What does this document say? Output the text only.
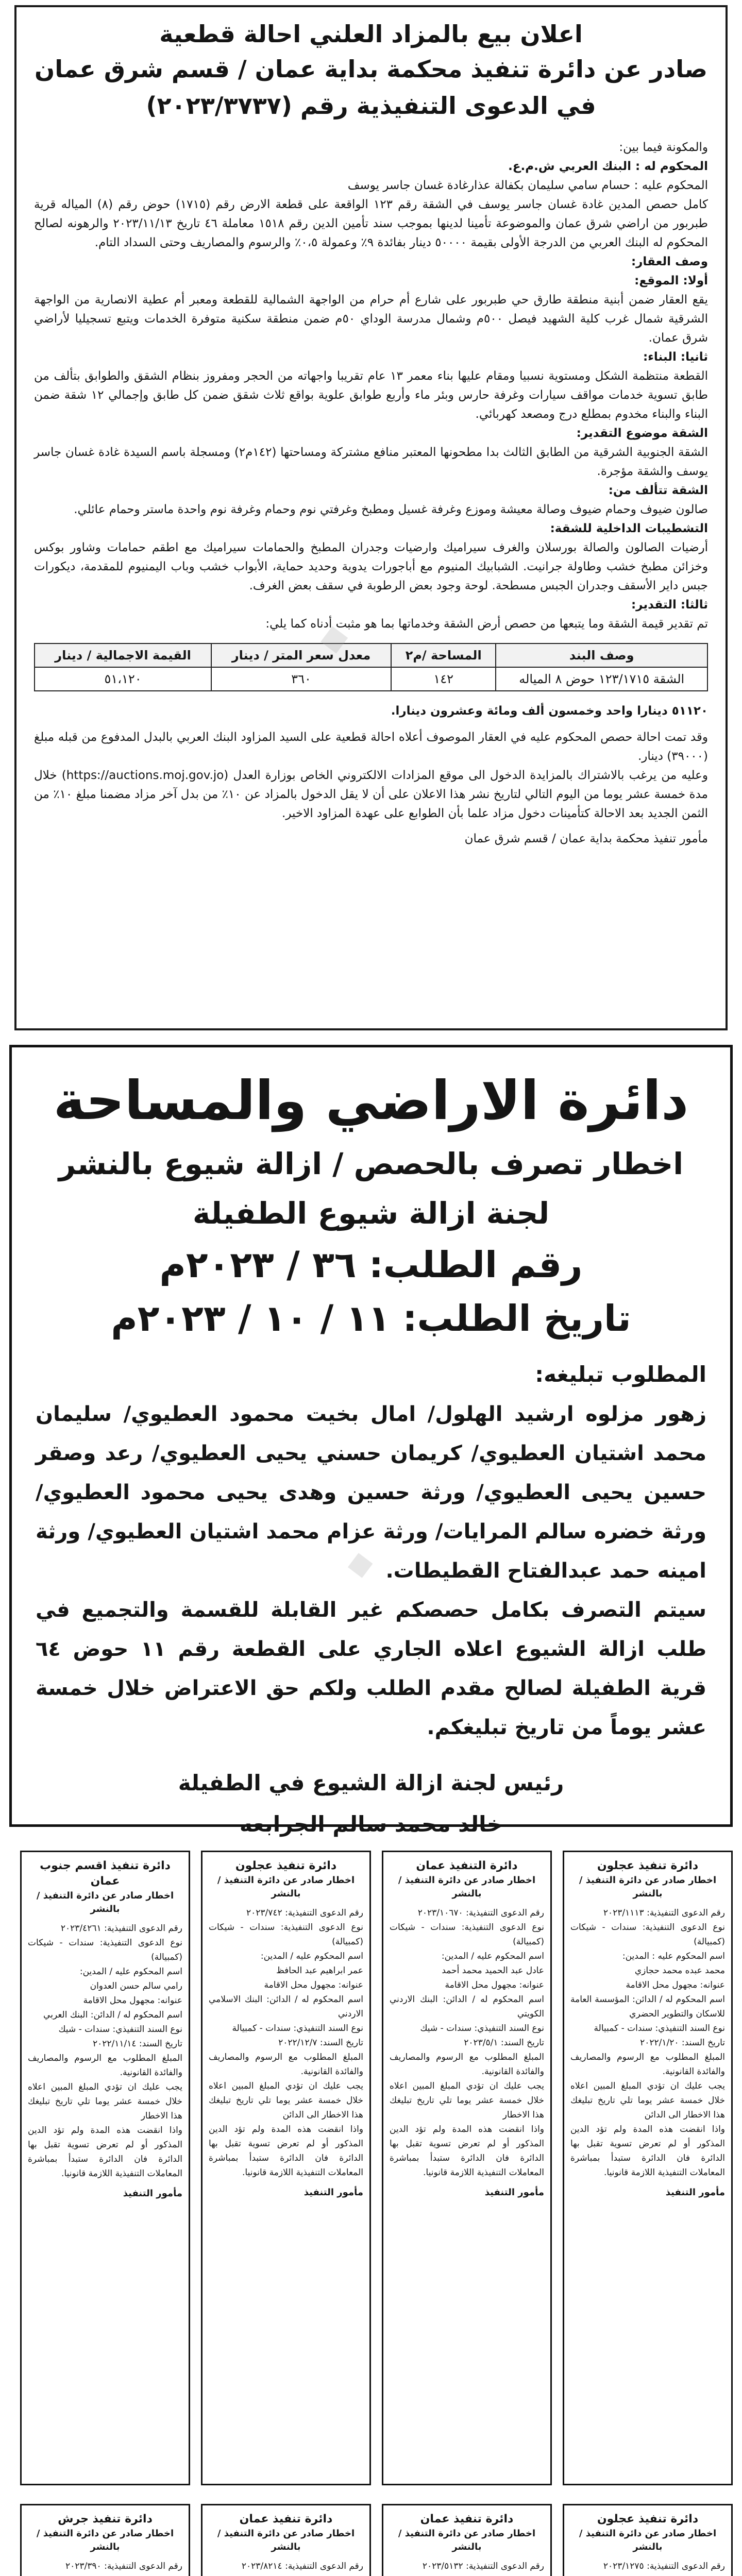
اعلان بيع بالمزاد العلني احالة قطعية
صادر عن دائرة تنفيذ محكمة بداية عمان / قسم شرق عمان
في الدعوى التنفيذية رقم (٢٠٢٣/٣٧٣٧)

والمكونة فيما بين:

المحكوم له : البنك العربي ش.م.ع.

المحكوم عليه : حسام سامي سليمان بكفالة عذارغادة غسان جاسر يوسف

كامل حصص المدين غادة غسان جاسر يوسف في الشقة رقم ١٢٣ الواقعة على قطعة الارض رقم (١٧١٥) حوض رقم (٨) المياله قرية طبربور من اراضي شرق عمان والموضوعة تأمينا لدينها بموجب سند تأمين الدين رقم ١٥١٨ معاملة ٤٦ تاريخ ٢٠٢٣/١١/١٣ والرهونه لصالح المحكوم له البنك العربي من الدرجة الأولى بقيمة ٥٠٠٠٠ دينار بفائدة ٩٪ وعمولة ٠،٥٪ والرسوم والمصاريف وحتى السداد التام.

وصف العقار:

أولا: الموقع:

يقع العقار ضمن أبنية منطقة طارق حي طبربور على شارع أم حرام من الواجهة الشمالية للقطعة ومعبر أم عطية الانصارية من الواجهة الشرقية شمال غرب كلية الشهيد فيصل ٥٠٠م وشمال مدرسة الوداي ٥٠م ضمن منطقة سكنية متوفرة الخدمات ويتبع تسجيليا لأراضي شرق عمان.

ثانيا: البناء:

القطعة منتظمة الشكل ومستوية نسبيا ومقام عليها بناء معمر ١٣ عام تقريبا واجهاته من الحجر ومفروز بنظام الشقق والطوابق بتألف من طابق تسوية خدمات مواقف سيارات وغرفة حارس وبئر ماء وأربع طوابق علوية بواقع ثلاث شقق ضمن كل طابق وإجمالي ١٢ شقة ضمن البناء والبناء مخدوم بمطلع درج ومصعد كهربائي.

الشقة موضوع التقدير:

الشقة الجنوبية الشرقية من الطابق الثالث بدا مطحونها المعتبر منافع مشتركة ومساحتها (١٤٢م٢) ومسجلة باسم السيدة غادة غسان جاسر يوسف والشقة مؤجرة.

الشقة تتألف من:

صالون ضيوف وحمام ضيوف وصالة معيشة وموزع وغرفة غسيل ومطبخ وغرفتي نوم وحمام وغرفة نوم واحدة ماستر وحمام عائلي.

التشطيبات الداخلية للشقة:

أرضيات الصالون والصالة بورسلان والغرف سيراميك وارضيات وجدران المطبخ والحمامات سيراميك مع اطقم حمامات وشاور بوكس وخزائن مطبخ خشب وطاولة جرانيت. الشبابيك المنيوم مع أباجورات يدوية وحديد حماية، الأبواب خشب وباب اليمنيوم للمقدمة، ديكورات جبس داير الأسقف وجدران الجبس مسطحة. لوحة وجود بعض الرطوبة في سقف بعض الغرف.

ثالثا: التقدير:

تم تقدير قيمة الشقة وما يتبعها من حصص أرض الشقة وخدماتها بما هو مثبت أدناه كما يلي:

وصف البند	المساحة /م٢	معدل سعر المتر / دينار	القيمة الاجمالية / دينار
الشقة ١٢٣/١٧١٥ حوض ٨ المياله	١٤٢	٣٦٠	٥١،١٢٠

٥١١٢٠ دينارا واحد وخمسون ألف ومائة وعشرون دينارا.

وقد تمت احالة حصص المحكوم عليه في العقار الموصوف أعلاه احالة قطعية على السيد المزاود البنك العربي بالبدل المدفوع من قبله مبلغ (٣٩٠٠٠) دينار.

وعليه من يرغب بالاشتراك بالمزايدة الدخول الى موقع المزادات الالكتروني الخاص بوزارة العدل (https://auctions.moj.gov.jo) خلال مدة خمسة عشر يوما من اليوم التالي لتاريخ نشر هذا الاعلان على أن لا يقل الدخول بالمزاد عن ١٠٪ من بدل آخر مزاد مضمنا مبلغ ١٠٪ من الثمن الجديد بعد الاحالة كتأمينات دخول مزاد علما بأن الطوابع على عهدة المزاود الاخير.

مأمور تنفيذ محكمة بداية عمان / قسم شرق عمان
دائرة الاراضي والمساحة
اخطار تصرف بالحصص / ازالة شيوع بالنشر
لجنة ازالة شيوع الطفيلة
رقم الطلب: ٣٦ / ٢٠٢٣م
تاريخ الطلب: ١١ / ١٠ / ٢٠٢٣م

المطلوب تبليغه:

زهور مزلوه ارشيد الهلول/ امال بخيت محمود العطيوي/ سليمان محمد اشتيان العطيوي/ كريمان حسني يحيى العطيوي/ رعد وصقر حسين يحيى العطيوي/ ورثة حسين وهدى يحيى محمود العطيوي/ ورثة خضره سالم المرايات/ ورثة عزام محمد اشتيان العطيوي/ ورثة امينه حمد عبدالفتاح القطيطات.

سيتم التصرف بكامل حصصكم غير القابلة للقسمة والتجميع في طلب ازالة الشيوع اعلاه الجاري على القطعة رقم ١١ حوض ٦٤ قرية الطفيلة لصالح مقدم الطلب ولكم حق الاعتراض خلال خمسة عشر يوماً من تاريخ تبليغكم.

رئيس لجنة ازالة الشيوع في الطفيلة

خالد محمد سالم الجرابعه

◆
◆

دائرة تنفيذ عجلون

اخطار صادر عن دائرة التنفيذ / بالنشر

رقم الدعوى التنفيذية: ٢٠٢٣/١١١٣

نوع الدعوى التنفيذية: سندات - شيكات (كمبيالة)

اسم المحكوم عليه : المدين:

محمد عبده محمد حجازي

عنوانه: مجهول محل الاقامة

اسم المحكوم له / الدائن: المؤسسة العامة للاسكان والتطوير الحضري

نوع السند التنفيذي: سندات - كمبيالة

تاريخ السند: ٢٠٢٢/١/٢٠

المبلغ المطلوب مع الرسوم والمصاريف والفائدة القانونية.

يجب عليك ان تؤدي المبلغ المبين اعلاه خلال خمسة عشر يوما تلي تاريخ تبليغك هذا الاخطار الى الدائن

واذا انقضت هذه المدة ولم تؤد الدين المذكور أو لم تعرض تسوية تقبل بها الدائرة فان الدائرة ستبدأ بمباشرة المعاملات التنفيذية اللازمة قانونيا.

مأمور التنفيذ

دائرة التنفيذ عمان

اخطار صادر عن دائرة التنفيذ / بالنشر

رقم الدعوى التنفيذية: ٢٠٢٣/١٠٦٧٠

نوع الدعوى التنفيذية: سندات - شيكات (كمبيالة)

اسم المحكوم عليه / المدين:

عادل عبد الحميد محمد أحمد

عنوانه: مجهول محل الاقامة

اسم المحكوم له / الدائن: البنك الاردني الكويتي

نوع السند التنفيذي: سندات - شيك

تاريخ السند: ٢٠٢٣/٥/١

المبلغ المطلوب مع الرسوم والمصاريف والفائدة القانونية.

يجب عليك ان تؤدي المبلغ المبين اعلاه خلال خمسة عشر يوما تلي تاريخ تبليغك هذا الاخطار

واذا انقضت هذه المدة ولم تؤد الدين المذكور أو لم تعرض تسوية تقبل بها الدائرة فان الدائرة ستبدأ بمباشرة المعاملات التنفيذية اللازمة قانونيا.

مأمور التنفيذ

دائرة تنفيذ عجلون

اخطار صادر عن دائرة التنفيذ / بالنشر

رقم الدعوى التنفيذية: ٢٠٢٣/٧٤٢

نوع الدعوى التنفيذية: سندات - شيكات (كمبيالة)

اسم المحكوم عليه / المدين:

عمر ابراهيم عبد الحافظ

عنوانه: مجهول محل الاقامة

اسم المحكوم له / الدائن: البنك الاسلامي الاردني

نوع السند التنفيذي: سندات - كمبيالة

تاريخ السند: ٢٠٢٢/١٢/٧

المبلغ المطلوب مع الرسوم والمصاريف والفائدة القانونية.

يجب عليك ان تؤدي المبلغ المبين اعلاه خلال خمسة عشر يوما تلي تاريخ تبليغك هذا الاخطار الى الدائن

واذا انقضت هذه المدة ولم تؤد الدين المذكور أو لم تعرض تسوية تقبل بها الدائرة فان الدائرة ستبدأ بمباشرة المعاملات التنفيذية اللازمة قانونيا.

مأمور التنفيذ

دائرة تنفيذ اقسم جنوب عمان

اخطار صادر عن دائرة التنفيذ / بالنشر

رقم الدعوى التنفيذية: ٢٠٢٣/٤٢٦١

نوع الدعوى التنفيذية: سندات - شيكات (كمبيالة)

اسم المحكوم عليه / المدين:

رامي سالم حسن العدوان

عنوانه: مجهول محل الاقامة

اسم المحكوم له / الدائن: البنك العربي

نوع السند التنفيذي: سندات - شيك

تاريخ السند: ٢٠٢٢/١١/١٤

المبلغ المطلوب مع الرسوم والمصاريف والفائدة القانونية.

يجب عليك ان تؤدي المبلغ المبين اعلاه خلال خمسة عشر يوما تلي تاريخ تبليغك هذا الاخطار

واذا انقضت هذه المدة ولم تؤد الدين المذكور أو لم تعرض تسوية تقبل بها الدائرة فان الدائرة ستبدأ بمباشرة المعاملات التنفيذية اللازمة قانونيا.

مأمور التنفيذ

دائرة تنفيذ عجلون

اخطار صادر عن دائرة التنفيذ / بالنشر

رقم الدعوى التنفيذية: ٢٠٢٣/١٢٧٥

دائرة تنفيذ عمان

اخطار صادر عن دائرة التنفيذ / بالنشر

رقم الدعوى التنفيذية: ٢٠٢٣/٥١٣٢

دائرة تنفيذ عمان

اخطار صادر عن دائرة التنفيذ / بالنشر

رقم الدعوى التنفيذية: ٢٠٢٣/٨٢١٤

دائرة تنفيذ جرش

اخطار صادر عن دائرة التنفيذ / بالنشر

رقم الدعوى التنفيذية: ٢٠٢٣/٣٩٠
